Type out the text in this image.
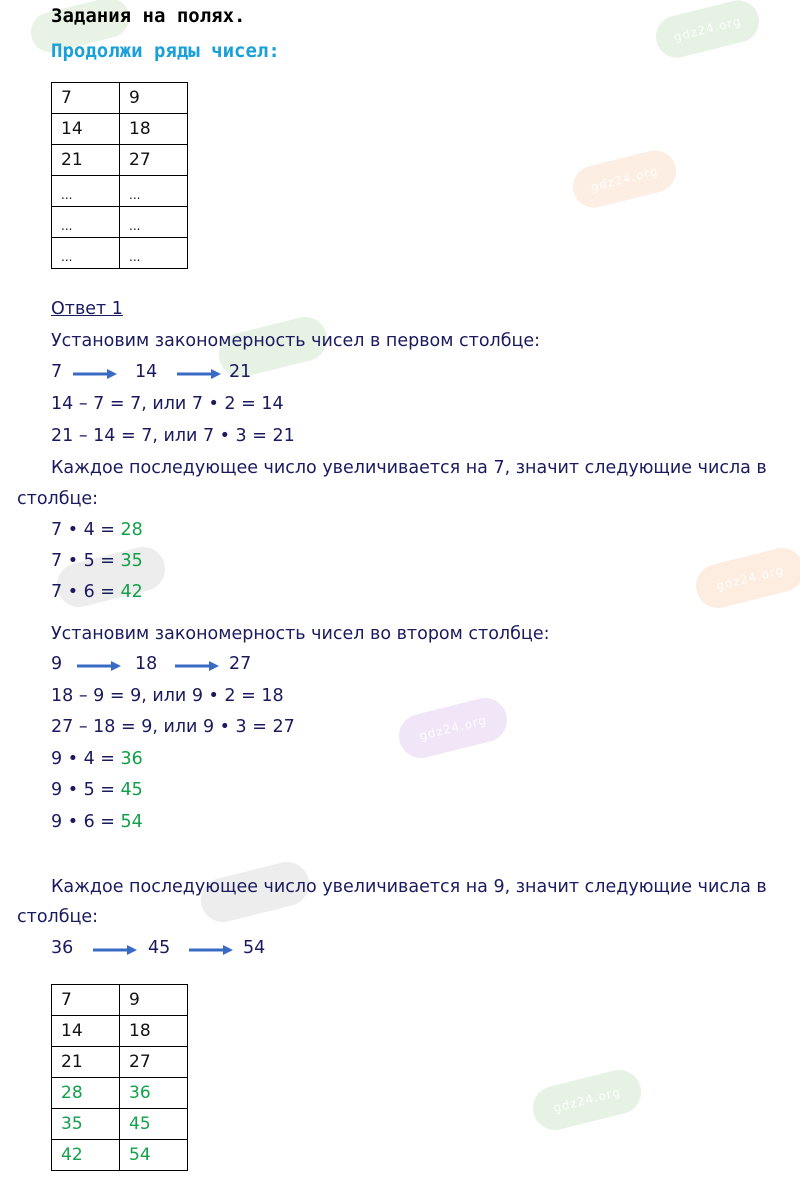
gdz24.org
gdz24.org
gdz24.org
gdz24.org
gdz24.org
Задания на полях.
Продолжи ряды чисел:
7	9
14	18
21	27
...	...
...	...
...	...
Ответ 1
Установим закономерность чисел в первом столбце:
7	14	21
14 – 7 = 7, или 7 • 2 = 14
21 – 14 = 7, или 7 • 3 = 21
Каждое последующее число увеличивается на 7, значит следующие числа в
столбце:
7 • 4 = 28
7 • 5 = 35
7 • 6 = 42
Установим закономерность чисел во втором столбце:
9	18	27
18 – 9 = 9, или 9 • 2 = 18
27 – 18 = 9, или 9 • 3 = 27
9 • 4 = 36
9 • 5 = 45
9 • 6 = 54
Каждое последующее число увеличивается на 9, значит следующие числа в
столбце:
36	45	54
7	9
14	18
21	27
28	36
35	45
42	54
